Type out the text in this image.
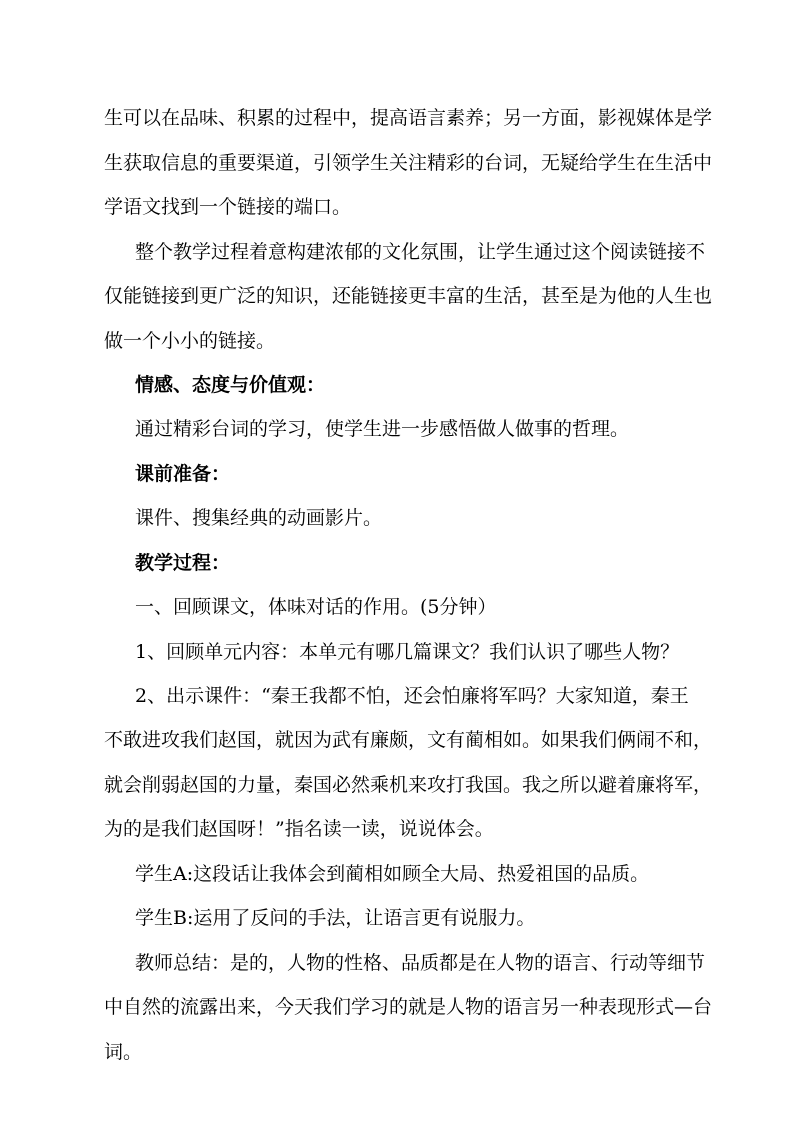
生可以在品味、积累的过程中，提高语言素养；另一方面，影视媒体是学
生获取信息的重要渠道，引领学生关注精彩的台词，无疑给学生在生活中
学语文找到一个链接的端口。
整个教学过程着意构建浓郁的文化氛围，让学生通过这个阅读链接不
仅能链接到更广泛的知识，还能链接更丰富的生活，甚至是为他的人生也
做一个小小的链接。
情感、态度与价值观：
通过精彩台词的学习，使学生进一步感悟做人做事的哲理。
课前准备：
课件、搜集经典的动画影片。
教学过程：
一、回顾课文，体味对话的作用。(5分钟）
1、回顾单元内容：本单元有哪几篇课文？我们认识了哪些人物？
2、出示课件：“秦王我都不怕，还会怕廉将军吗？大家知道，秦王
不敢进攻我们赵国，就因为武有廉颇，文有蔺相如。如果我们俩闹不和，
就会削弱赵国的力量，秦国必然乘机来攻打我国。我之所以避着廉将军，
为的是我们赵国呀！”指名读一读，说说体会。
学生A:这段话让我体会到蔺相如顾全大局、热爱祖国的品质。
学生B:运用了反问的手法，让语言更有说服力。
教师总结：是的，人物的性格、品质都是在人物的语言、行动等细节
中自然的流露出来，今天我们学习的就是人物的语言另一种表现形式—台
词。
